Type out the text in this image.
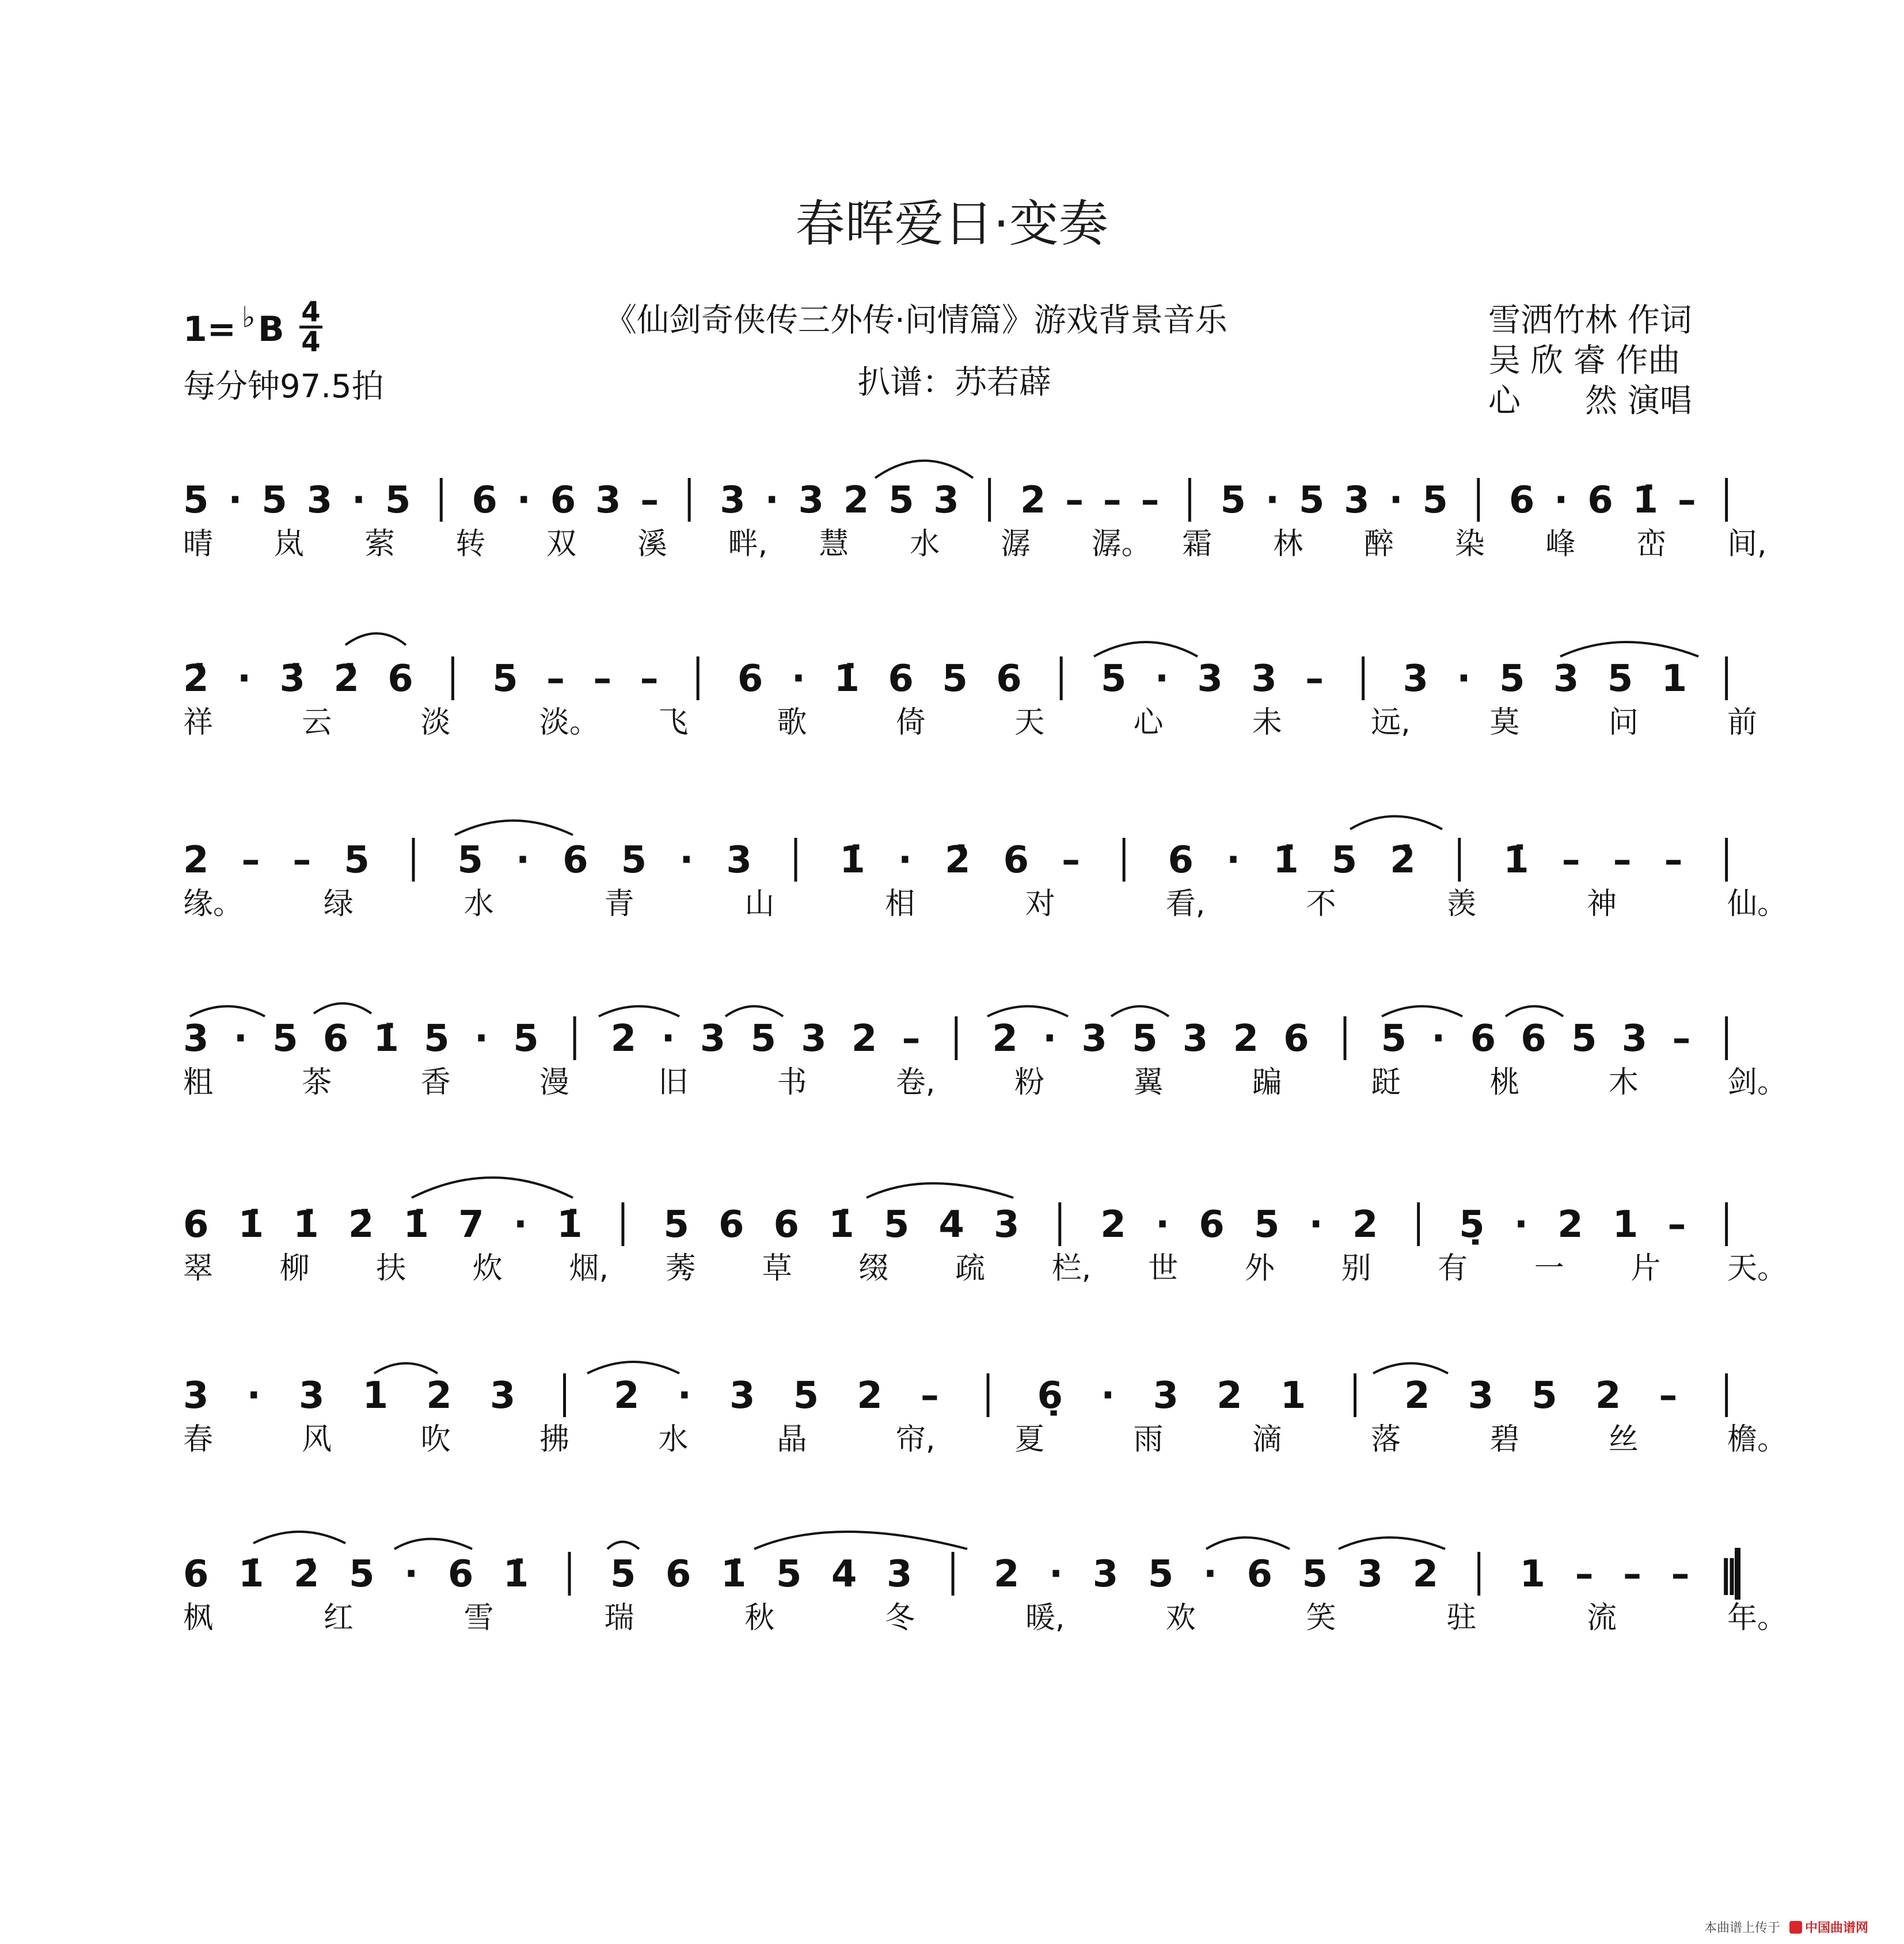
春晖爱日·变奏
1= ♭ B 4
4
每分钟97.5拍
《仙剑奇侠传三外传·问情篇》游戏背景音乐
扒谱：苏若薜
雪洒竹林 作词
吴 欣 睿 作曲
心　　然 演唱
5 · 5 3 · 5 │ 6 · 6 3 – │ 3 · 3 2 5 3 │ 2 – – – │ 5 · 5 3 · 5 │ 6 · 6 1̇ – │
晴 岚 萦 转 双 溪 畔, 慧 水 潺 潺。 霜 林 醉 染 峰 峦 间,
2̇ · 3̇ 2̇ 6 │ 5 – – – │ 6 · 1̇ 6 5 6 │ 5 · 3 3 – │ 3 · 5 3 5 1 │
祥	云	淡	淡。 飞	歌	倚	天	心	未	远,	莫	问	前
2 – – 5 │ 5 · 6 5 · 3 │ 1̇ · 2̇ 6 – │ 6 · 1̇ 5 2̇ │ 1̇ – – – │
缘。	绿	水	青	山	相	对	看,	不	羡	神	仙。
3 · 5 6 1̇ 5 · 5 │ 2 · 3 5 3 2 – │ 2 · 3 5 3 2 6 │ 5 · 6 6 5 3 – │
粗	茶	香	漫	旧	书	卷,	粉	翼	蹁	跹	桃	木	剑。
6 1̇ 1̇ 2̇ 1̇ 7 · 1̇ │ 5 6 6 1̇ 5 4 3 │ 2 · 6 5 · 2 │ 5̣ · 2 1 – │
翠 柳 扶 炊 烟, 莠 草 缀 疏 栏, 世 外 别 有 一 片 天。
3 · 3 1 2 3 │ 2 · 3 5 2 – │ 6̣ · 3 2 1 │ 2 3 5 2 – │
春	风	吹	拂	水	晶	帘,	夏	雨	滴	落	碧	丝	檐。
6 1̇ 2̇ 5 · 6 1̇ │ 5 6 1̇ 5 4 3 │ 2 · 3 5 · 6 5 3 2 │ 1 – – – ‖
枫	红	雪	瑞	秋	冬	暖,	欢	笑	驻	流	年。
本曲谱上传于 中国曲谱网
